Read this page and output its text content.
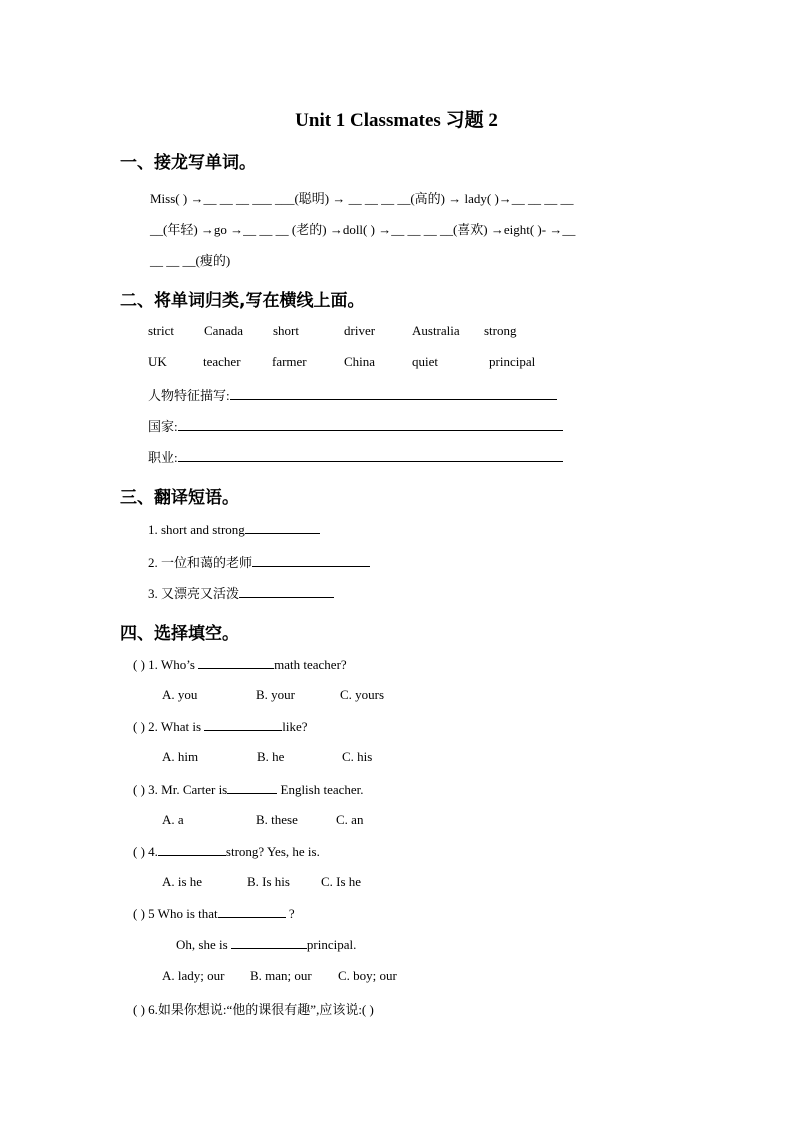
Unit 1 Classmates 习题 2
一、接龙写单词。
Miss( ) →__ __ __ ___ ___(聪明) → __ __ __ __(高的) → lady( )→__ __ __ __
__(年轻) →go →__ __ __ (老的) →doll( ) →__ __ __ __(喜欢) →eight( )- →__
__ __ __(瘦的)
二、将单词归类,写在横线上面。
strict Canada short	driver	Australia strong
UK	teacher farmer	China	quiet	principal
人物特征描写:
国家:
职业:
三、翻译短语。
1. short and strong
2. 一位和蔼的老师
3. 又漂亮又活泼
四、选择填空。
( ) 1. Who’s	math teacher?
A. you	B. your	C. yours
( ) 2. What is	like?
A. him	B. he	C. his
( ) 3. Mr. Carter is	English teacher.
A. a	B. these	C. an
( ) 4.	strong? Yes, he is.
A. is he	B. Is his C. Is he
( ) 5 Who is that	?
Oh, she is	principal.
A. lady; our B. man; our C. boy; our
( ) 6.如果你想说:“他的课很有趣”,应该说:( )
